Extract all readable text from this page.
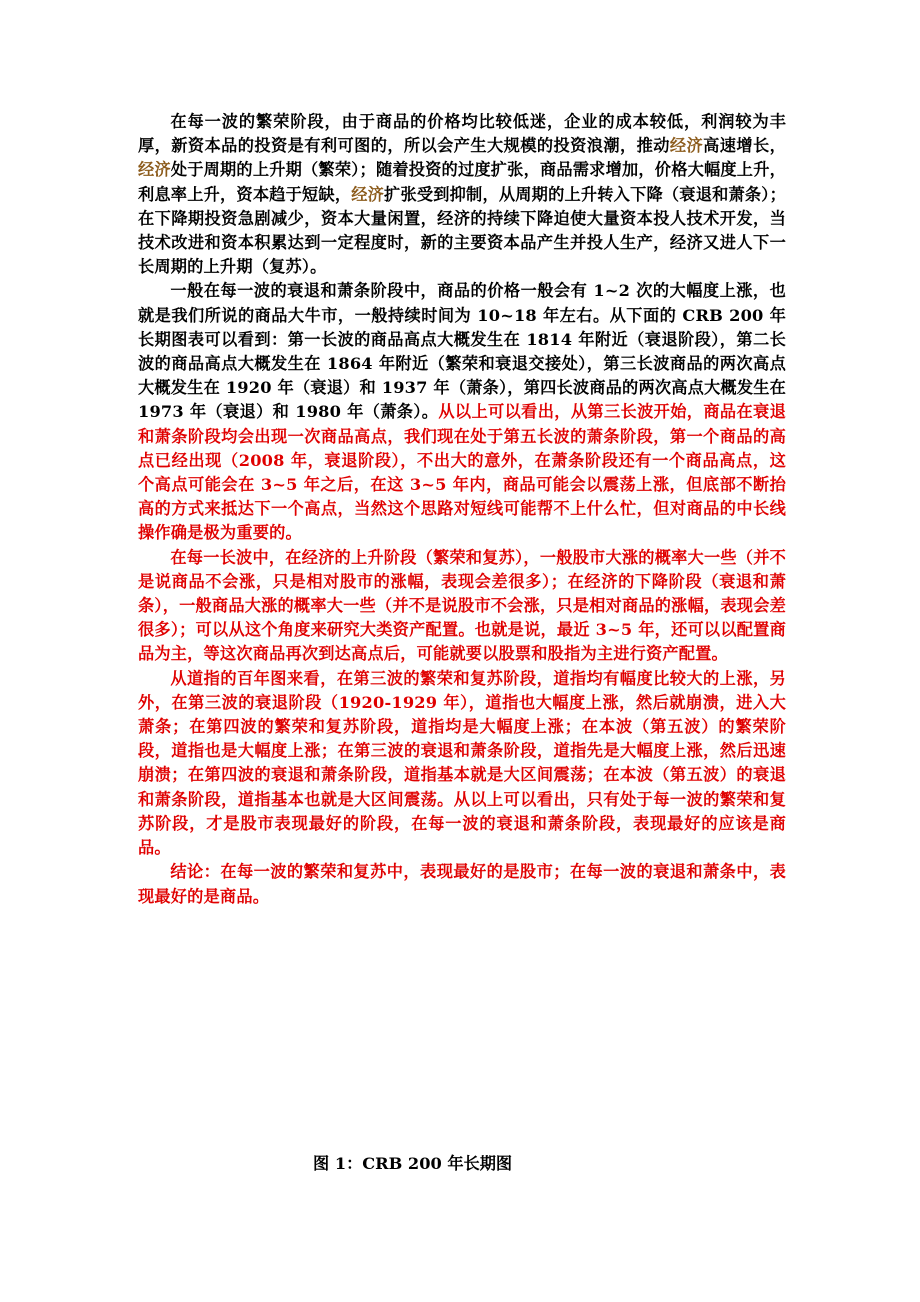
在每一波的繁荣阶段，由于商品的价格均比较低迷，企业的成本较低，利润较为丰厚，新资本品的投资是有利可图的，所以会产生大规模的投资浪潮，推动经济高速增长，经济处于周期的上升期（繁荣）；随着投资的过度扩张，商品需求增加，价格大幅度上升，利息率上升，资本趋于短缺，经济扩张受到抑制，从周期的上升转入下降（衰退和萧条）；在下降期投资急剧减少，资本大量闲置，经济的持续下降迫使大量资本投人技术开发，当技术改进和资本积累达到一定程度时，新的主要资本品产生并投人生产，经济又进人下一长周期的上升期（复苏）。

一般在每一波的衰退和萧条阶段中，商品的价格一般会有 1~2 次的大幅度上涨，也就是我们所说的商品大牛市，一般持续时间为 10~18 年左右。从下面的 CRB 200 年长期图表可以看到：第一长波的商品高点大概发生在 1814 年附近（衰退阶段），第二长波的商品高点大概发生在 1864 年附近（繁荣和衰退交接处），第三长波商品的两次高点大概发生在 1920 年（衰退）和 1937 年（萧条），第四长波商品的两次高点大概发生在 1973 年（衰退）和 1980 年（萧条）。从以上可以看出，从第三长波开始，商品在衰退和萧条阶段均会出现一次商品高点，我们现在处于第五长波的萧条阶段，第一个商品的高点已经出现（2008 年，衰退阶段），不出大的意外，在萧条阶段还有一个商品高点，这个高点可能会在 3~5 年之后，在这 3~5 年内，商品可能会以震荡上涨，但底部不断抬高的方式来抵达下一个高点，当然这个思路对短线可能帮不上什么忙，但对商品的中长线操作确是极为重要的。

在每一长波中，在经济的上升阶段（繁荣和复苏），一般股市大涨的概率大一些（并不是说商品不会涨，只是相对股市的涨幅，表现会差很多）；在经济的下降阶段（衰退和萧条），一般商品大涨的概率大一些（并不是说股市不会涨，只是相对商品的涨幅，表现会差很多）；可以从这个角度来研究大类资产配置。也就是说，最近 3~5 年，还可以以配置商品为主，等这次商品再次到达高点后，可能就要以股票和股指为主进行资产配置。

从道指的百年图来看，在第三波的繁荣和复苏阶段，道指均有幅度比较大的上涨，另外，在第三波的衰退阶段（1920-1929 年），道指也大幅度上涨，然后就崩溃，进入大萧条；在第四波的繁荣和复苏阶段，道指均是大幅度上涨；在本波（第五波）的繁荣阶段，道指也是大幅度上涨；在第三波的衰退和萧条阶段，道指先是大幅度上涨，然后迅速崩溃；在第四波的衰退和萧条阶段，道指基本就是大区间震荡；在本波（第五波）的衰退和萧条阶段，道指基本也就是大区间震荡。从以上可以看出，只有处于每一波的繁荣和复苏阶段，才是股市表现最好的阶段，在每一波的衰退和萧条阶段，表现最好的应该是商品。

结论：在每一波的繁荣和复苏中，表现最好的是股市；在每一波的衰退和萧条中，表现最好的是商品。

图 1：CRB 200 年长期图
